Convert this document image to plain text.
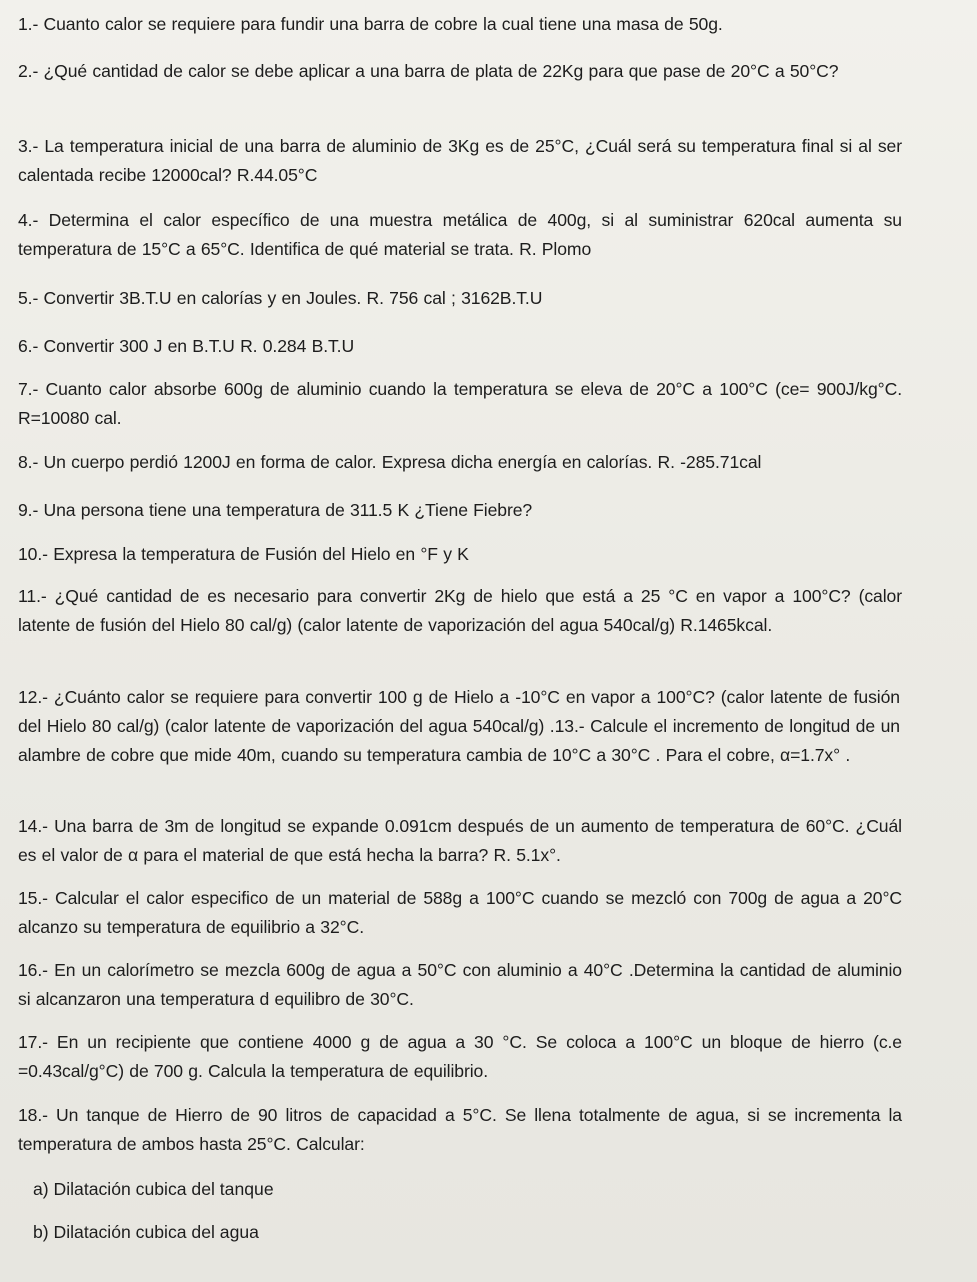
1.- Cuanto calor se requiere para fundir una barra de cobre la cual tiene una masa de 50g.

2.- ¿Qué cantidad de calor se debe aplicar a una barra de plata de 22Kg para que pase de 20°C a 50°C?

3.- La temperatura inicial de una barra de aluminio de 3Kg es de 25°C, ¿Cuál será su temperatura final si al ser calentada recibe 12000cal? R.44.05°C

4.- Determina el calor específico de una muestra metálica de 400g, si al suministrar 620cal aumenta su temperatura de 15°C a 65°C. Identifica de qué material se trata. R. Plomo

5.- Convertir 3B.T.U en calorías y en Joules. R. 756 cal ; 3162B.T.U

6.- Convertir 300 J en B.T.U R. 0.284 B.T.U

7.- Cuanto calor absorbe 600g de aluminio cuando la temperatura se eleva de 20°C a 100°C (ce= 900J/kg°C. R=10080 cal.

8.- Un cuerpo perdió 1200J en forma de calor. Expresa dicha energía en calorías. R. -285.71cal

9.- Una persona tiene una temperatura de 311.5 K ¿Tiene Fiebre?

10.- Expresa la temperatura de Fusión del Hielo en °F y K

11.- ¿Qué cantidad de es necesario para convertir 2Kg de hielo que está a 25 °C en vapor a 100°C? (calor latente de fusión del Hielo 80 cal/g) (calor latente de vaporización del agua 540cal/g) R.1465kcal.

12.- ¿Cuánto calor se requiere para convertir 100 g de Hielo a -10°C en vapor a 100°C? (calor latente de fusión del Hielo 80 cal/g) (calor latente de vaporización del agua 540cal/g) .13.- Calcule el incremento de longitud de un alambre de cobre que mide 40m, cuando su temperatura cambia de 10°C a 30°C . Para el cobre, α=1.7x° .

14.- Una barra de 3m de longitud se expande 0.091cm después de un aumento de temperatura de 60°C. ¿Cuál es el valor de α para el material de que está hecha la barra? R. 5.1x°.

15.- Calcular el calor especifico de un material de 588g a 100°C cuando se mezcló con 700g de agua a 20°C alcanzo su temperatura de equilibrio a 32°C.

16.- En un calorímetro se mezcla 600g de agua a 50°C con aluminio a 40°C .Determina la cantidad de aluminio si alcanzaron una temperatura d equilibro de 30°C.

17.- En un recipiente que contiene 4000 g de agua a 30 °C. Se coloca a 100°C un bloque de hierro (c.e =0.43cal/g°C) de 700 g. Calcula la temperatura de equilibrio.

18.- Un tanque de Hierro de 90 litros de capacidad a 5°C. Se llena totalmente de agua, si se incrementa la temperatura de ambos hasta 25°C. Calcular:

a) Dilatación cubica del tanque

b) Dilatación cubica del agua
